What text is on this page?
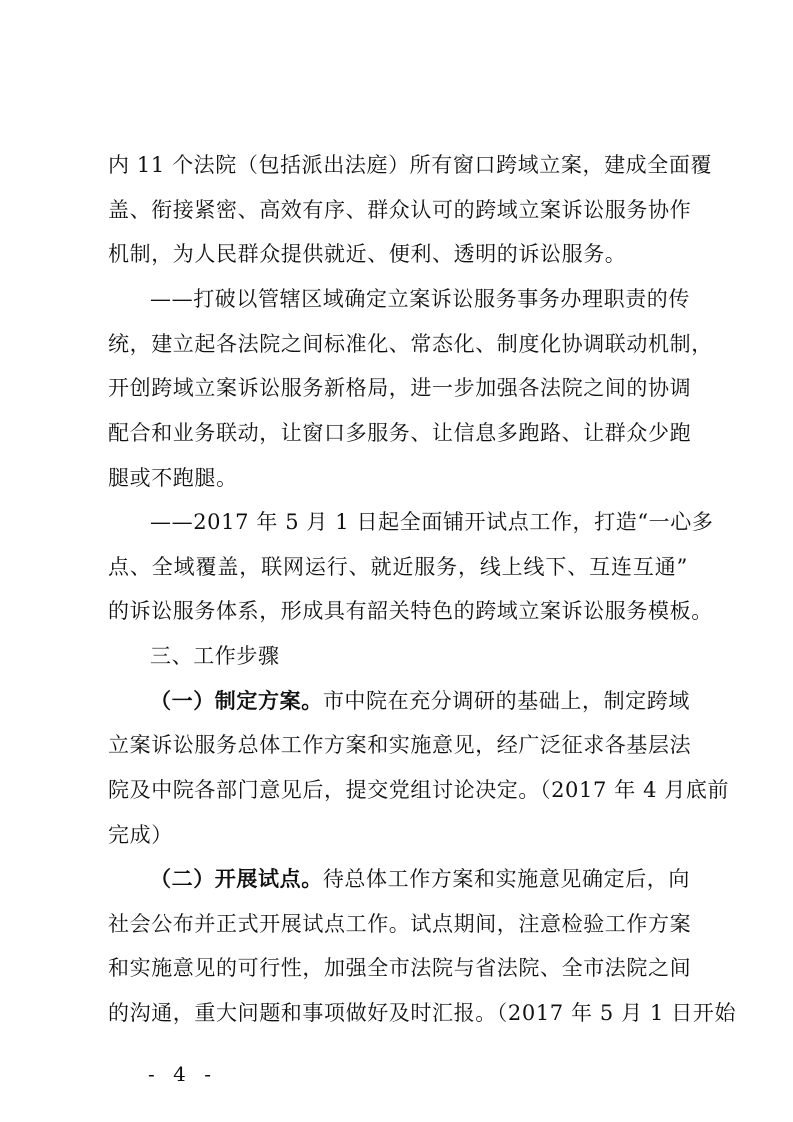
内 11 个法院（包括派出法庭）所有窗口跨域立案，建成全面覆
盖、衔接紧密、高效有序、群众认可的跨域立案诉讼服务协作
机制，为人民群众提供就近、便利、透明的诉讼服务。
——打破以管辖区域确定立案诉讼服务事务办理职责的传
统，建立起各法院之间标准化、常态化、制度化协调联动机制，
开创跨域立案诉讼服务新格局，进一步加强各法院之间的协调
配合和业务联动，让窗口多服务、让信息多跑路、让群众少跑
腿或不跑腿。
——2017 年 5 月 1 日起全面铺开试点工作，打造“一心多
点、全域覆盖，联网运行、就近服务，线上线下、互连互通”
的诉讼服务体系，形成具有韶关特色的跨域立案诉讼服务模板。
三、工作步骤
（一）制定方案。市中院在充分调研的基础上，制定跨域
立案诉讼服务总体工作方案和实施意见，经广泛征求各基层法
院及中院各部门意见后，提交党组讨论决定。（2017 年 4 月底前
完成）
（二）开展试点。待总体工作方案和实施意见确定后，向
社会公布并正式开展试点工作。试点期间，注意检验工作方案
和实施意见的可行性，加强全市法院与省法院、全市法院之间
的沟通，重大问题和事项做好及时汇报。（2017 年 5 月 1 日开始
- 4 -
